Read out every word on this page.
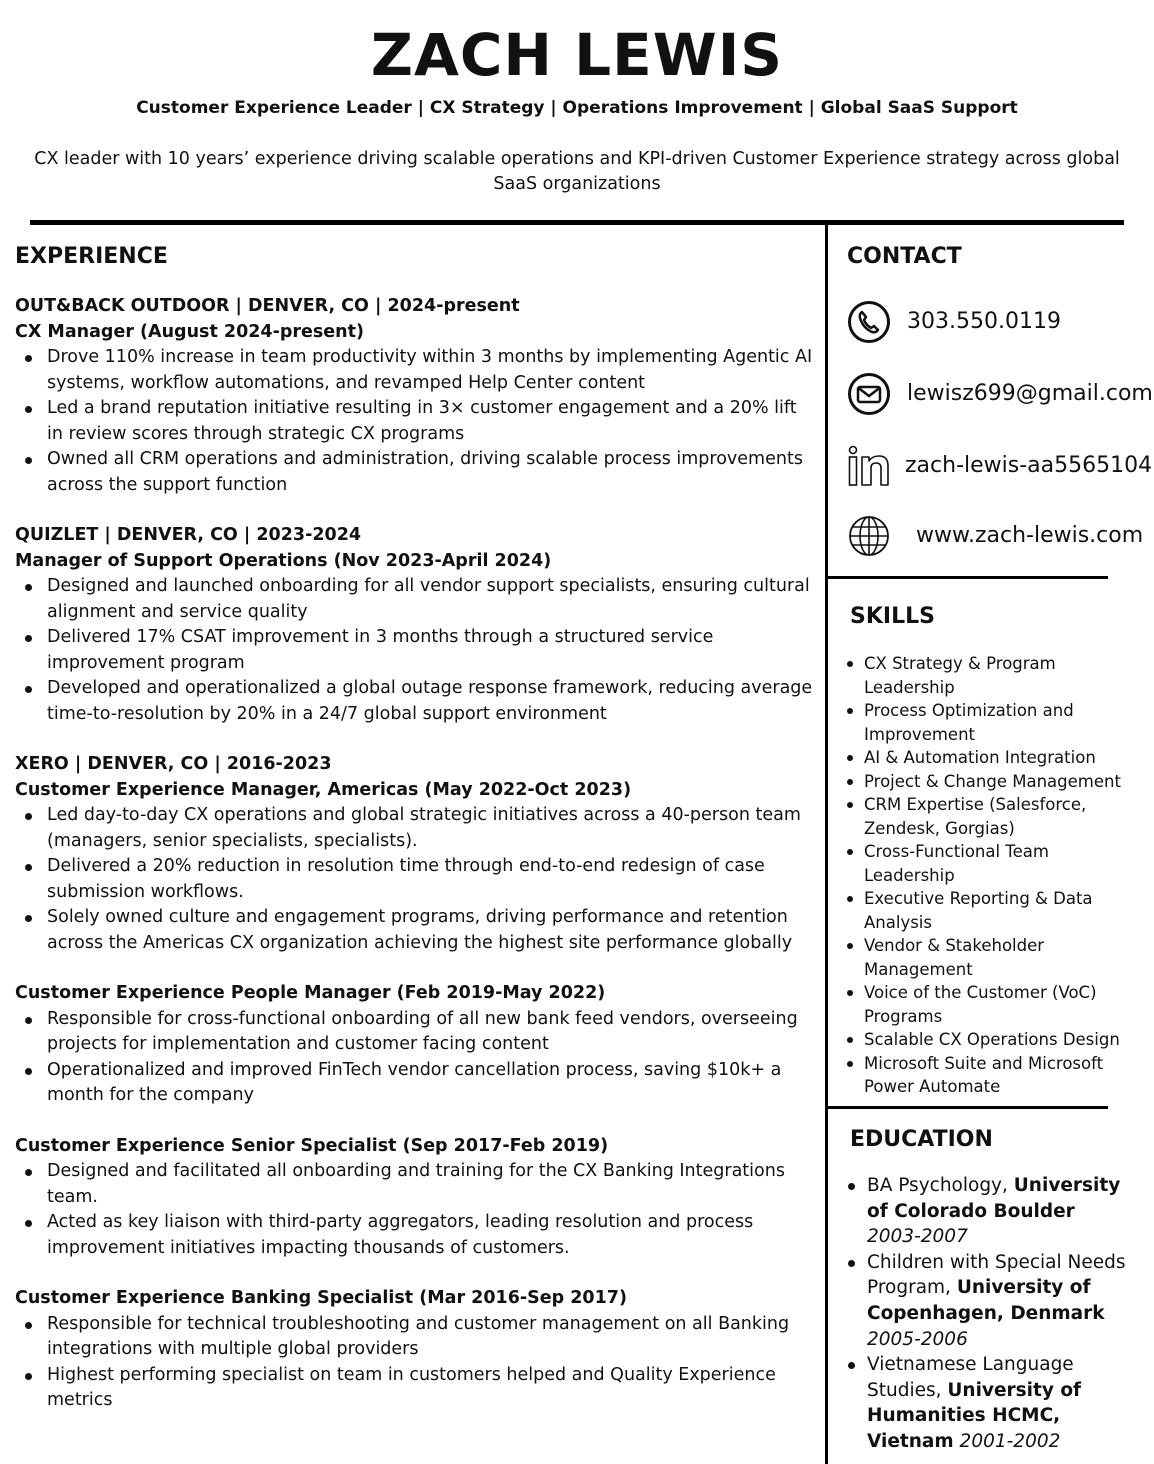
ZACH LEWIS
Customer Experience Leader | CX Strategy | Operations Improvement | Global SaaS Support
CX leader with 10 years’ experience driving scalable operations and KPI-driven Customer Experience strategy across global SaaS organizations
EXPERIENCE
OUT&BACK OUTDOOR | DENVER, CO | 2024-present
CX Manager (August 2024-present)
Drove 110% increase in team productivity within 3 months by implementing Agentic AI systems, workflow automations, and revamped Help Center content
Led a brand reputation initiative resulting in 3× customer engagement and a 20% lift in review scores through strategic CX programs
Owned all CRM operations and administration, driving scalable process improvements across the support function
QUIZLET | DENVER, CO | 2023-2024
Manager of Support Operations (Nov 2023-April 2024)
Designed and launched onboarding for all vendor support specialists, ensuring cultural alignment and service quality
Delivered 17% CSAT improvement in 3 months through a structured service improvement program
Developed and operationalized a global outage response framework, reducing average time-to-resolution by 20% in a 24/7 global support environment
XERO | DENVER, CO | 2016-2023
Customer Experience Manager, Americas (May 2022-Oct 2023)
Led day-to-day CX operations and global strategic initiatives across a 40-person team (managers, senior specialists, specialists).
Delivered a 20% reduction in resolution time through end-to-end redesign of case submission workflows.
Solely owned culture and engagement programs, driving performance and retention across the Americas CX organization achieving the highest site performance globally
Customer Experience People Manager (Feb 2019-May 2022)
Responsible for cross-functional onboarding of all new bank feed vendors, overseeing projects for implementation and customer facing content
Operationalized and improved FinTech vendor cancellation process, saving $10k+ a month for the company
Customer Experience Senior Specialist (Sep 2017-Feb 2019)
Designed and facilitated all onboarding and training for the CX Banking Integrations team.
Acted as key liaison with third-party aggregators, leading resolution and process improvement initiatives impacting thousands of customers.
Customer Experience Banking Specialist (Mar 2016-Sep 2017)
Responsible for technical troubleshooting and customer management on all Banking integrations with multiple global providers
Highest performing specialist on team in customers helped and Quality Experience metrics
CONTACT
303.550.0119
lewisz699@gmail.com
zach-lewis-aa5565104
www.zach-lewis.com
SKILLS
CX Strategy & Program Leadership
Process Optimization and Improvement
AI & Automation Integration
Project & Change Management
CRM Expertise (Salesforce, Zendesk, Gorgias)
Cross-Functional Team Leadership
Executive Reporting & Data Analysis
Vendor & Stakeholder Management
Voice of the Customer (VoC) Programs
Scalable CX Operations Design
Microsoft Suite and Microsoft Power Automate
EDUCATION
BA Psychology, University of Colorado Boulder 2003-2007
Children with Special Needs Program, University of Copenhagen, Denmark 2005-2006
Vietnamese Language Studies, University of Humanities HCMC, Vietnam 2001-2002
